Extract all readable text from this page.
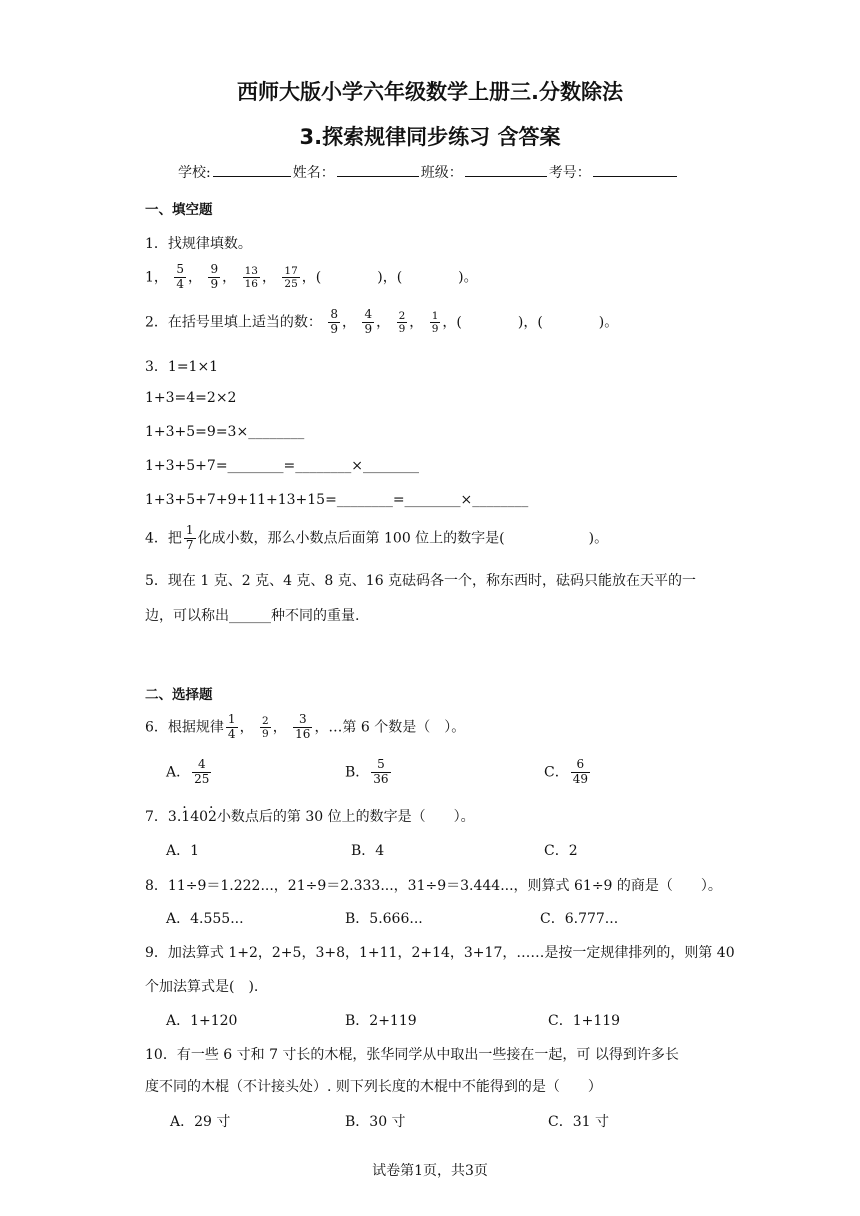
西师大版小学六年级数学上册三.分数除法
3.探索规律同步练习 含答案
学校:	姓名：	班级：	考号：
一、填空题
1．找规律填数。
1， $\frac{5}{4}$ ， $\frac{9}{9}$ ， $\frac{13}{16}$ ， $\frac{17}{25}$ ，(　　　　)，(　　　　)。
2．在括号里填上适当的数： $\frac{8}{9}$ ， $\frac{4}{9}$ ， $\frac{2}{9}$ ， $\frac{1}{9}$ ，(　　　　)，(　　　　)。
3．1=1×1
1+3=4=2×2
1+3+5=9=3×________
1+3+5+7=________=________×________
1+3+5+7+9+11+13+15=________=________×________
4．把 $\frac{1}{7}$ 化成小数，那么小数点后面第 100 位上的数字是(　　　　　　)。
5．现在 1 克、2 克、4 克、8 克、16 克砝码各一个，称东西时，砝码只能放在天平的一
边，可以称出______种不同的重量.
二、选择题
6．根据规律 $\frac{1}{4}$ ， $\frac{2}{9}$ ， $\frac{3}{16}$ ，…第 6 个数是（　）。
A． $\frac{4}{25}$	B． $\frac{5}{36}$	C． $\frac{6}{49}$
7．3.· 140· 2小数点后的第 30 位上的数字是（　　）。
A．1	B．4	C．2
8．11÷9＝1.222...，21÷9＝2.333...，31÷9＝3.444...，则算式 61÷9 的商是（　　）。
A．4.555...	B．5.666...	C．6.777...
9．加法算式 1+2，2+5，3+8，1+11，2+14，3+17，……是按一定规律排列的，则第 40
个加法算式是(　).
A．1+120	B．2+119	C．1+119
10．有一些 6 寸和 7 寸长的木棍，张华同学从中取出一些接在一起，可 以得到许多长
度不同的木棍（不计接头处）. 则下列长度的木棍中不能得到的是（　　）
A．29 寸	B．30 寸	C．31 寸
试卷第1页，共3页
